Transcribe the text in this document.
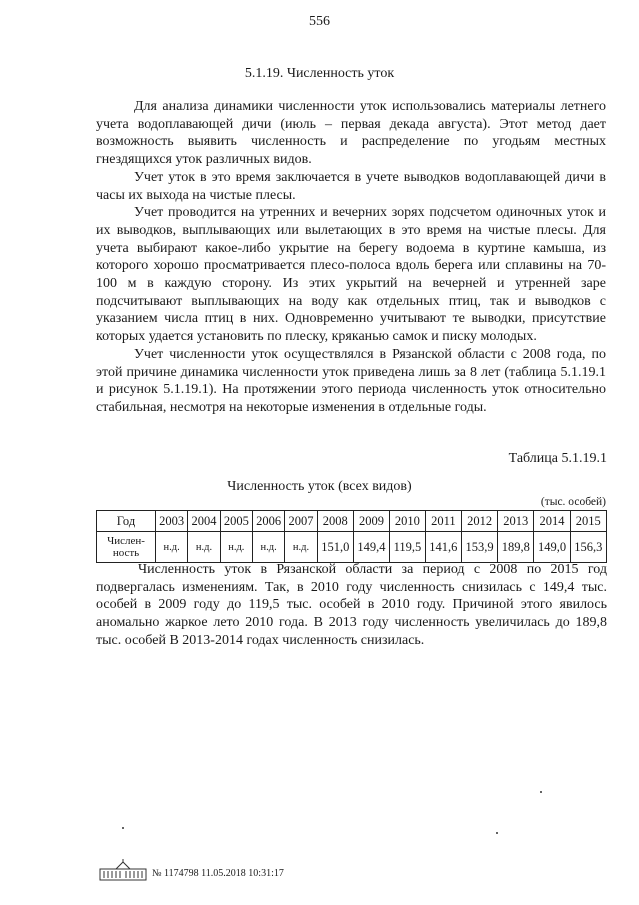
556
5.1.19. Численность уток

Для анализа динамики численности уток использовались материалы летнего учета водоплавающей дичи (июль – первая декада августа). Этот метод дает возможность выявить численность и распределение по угодьям местных гнездящихся уток различных видов.

Учет уток в это время заключается в учете выводков водоплавающей дичи в часы их выхода на чистые плесы.

Учет проводится на утренних и вечерних зорях подсчетом одиночных уток и их выводков, выплывающих или вылетающих в это время на чистые плесы. Для учета выбирают какое-либо укрытие на берегу водоема в куртине камыша, из которого хорошо просматривается плесо-полоса вдоль берега или сплавины на 70-100 м в каждую сторону. Из этих укрытий на вечерней и утренней заре подсчитывают выплывающих на воду как отдельных птиц, так и выводков с указанием числа птиц в них. Одновременно учитывают те выводки, присутствие которых удается установить по плеску, кряканью самок и писку молодых.

Учет численности уток осуществлялся в Рязанской области с 2008 года, по этой причине динамика численности уток приведена лишь за 8 лет (таблица 5.1.19.1 и рисунок 5.1.19.1). На протяжении этого периода численность уток относительно стабильная, несмотря на некоторые изменения в отдельные годы.

Таблица 5.1.19.1
Численность уток (всех видов)
(тыс. особей)
Год	2003	2004	2005	2006	2007	2008	2009	2010	2011	2012	2013	2014	2015
Числен-
ность	н.д.	н.д.	н.д.	н.д.	н.д.	151,0	149,4	119,5	141,6	153,9	189,8	149,0	156,3

Численность уток в Рязанской области за период с 2008 по 2015 год подвергалась изменениям. Так, в 2010 году численность снизилась с 149,4 тыс. особей в 2009 году до 119,5 тыс. особей в 2010 году. Причиной этого явилось аномально жаркое лето 2010 года. В 2013 году численность увеличилась до 189,8 тыс. особей В 2013-2014 годах численность снизилась.

№ 1174798 11.05.2018 10:31:17
